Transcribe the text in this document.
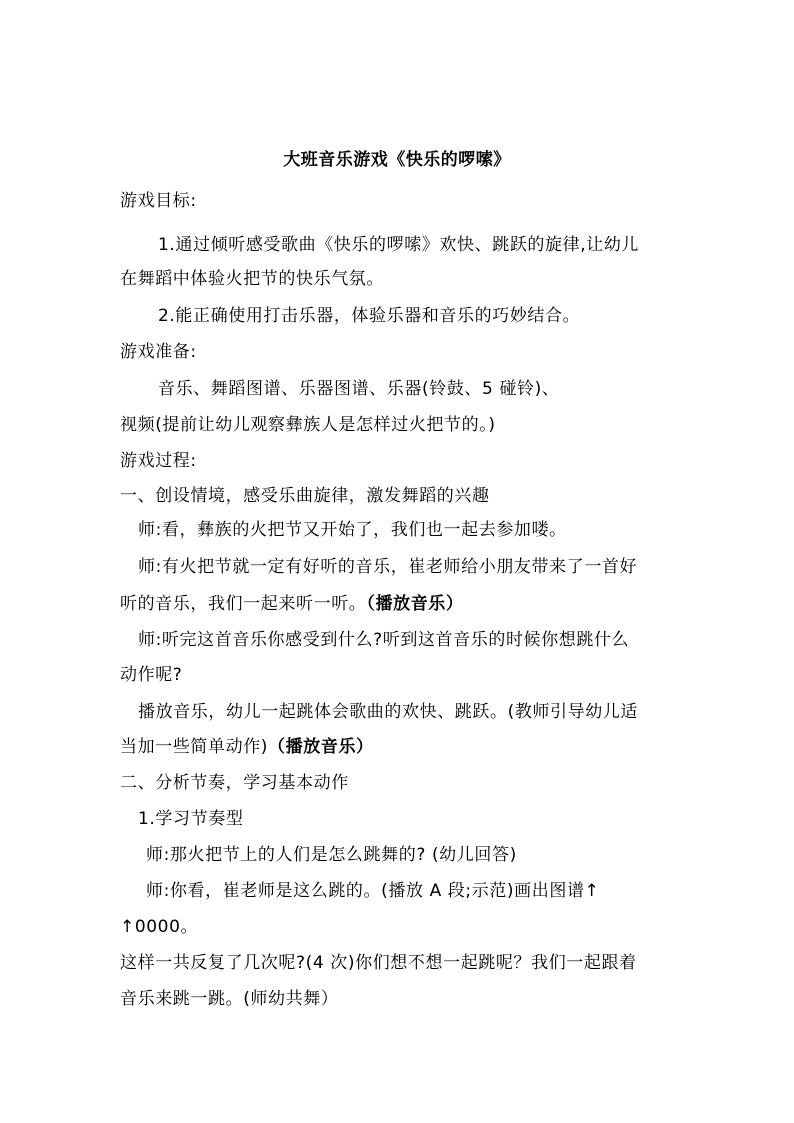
大班音乐游戏《快乐的啰嗦》
游戏目标:
1.通过倾听感受歌曲《快乐的啰嗦》欢快、跳跃的旋律,让幼儿
在舞蹈中体验火把节的快乐气氛。
2.能正确使用打击乐器，体验乐器和音乐的巧妙结合。
游戏准备:
音乐、舞蹈图谱、乐器图谱、乐器(铃鼓、5 碰铃)、
视频(提前让幼儿观察彝族人是怎样过火把节的。)
游戏过程:
一、创设情境，感受乐曲旋律，激发舞蹈的兴趣
师:看，彝族的火把节又开始了，我们也一起去参加喽。
师:有火把节就一定有好听的音乐，崔老师给小朋友带来了一首好
听的音乐，我们一起来听一听。（播放音乐）
师:听完这首音乐你感受到什么?听到这首音乐的时候你想跳什么
动作呢?
播放音乐，幼儿一起跳体会歌曲的欢快、跳跃。(教师引导幼儿适
当加一些简单动作)（播放音乐）
二、分析节奏，学习基本动作
1.学习节奏型
师:那火把节上的人们是怎么跳舞的? (幼儿回答)
师:你看，崔老师是这么跳的。(播放 A 段;示范)画出图谱↑
↑0000。
这样一共反复了几次呢?(4 次)你们想不想一起跳呢？我们一起跟着
音乐来跳一跳。(师幼共舞）
